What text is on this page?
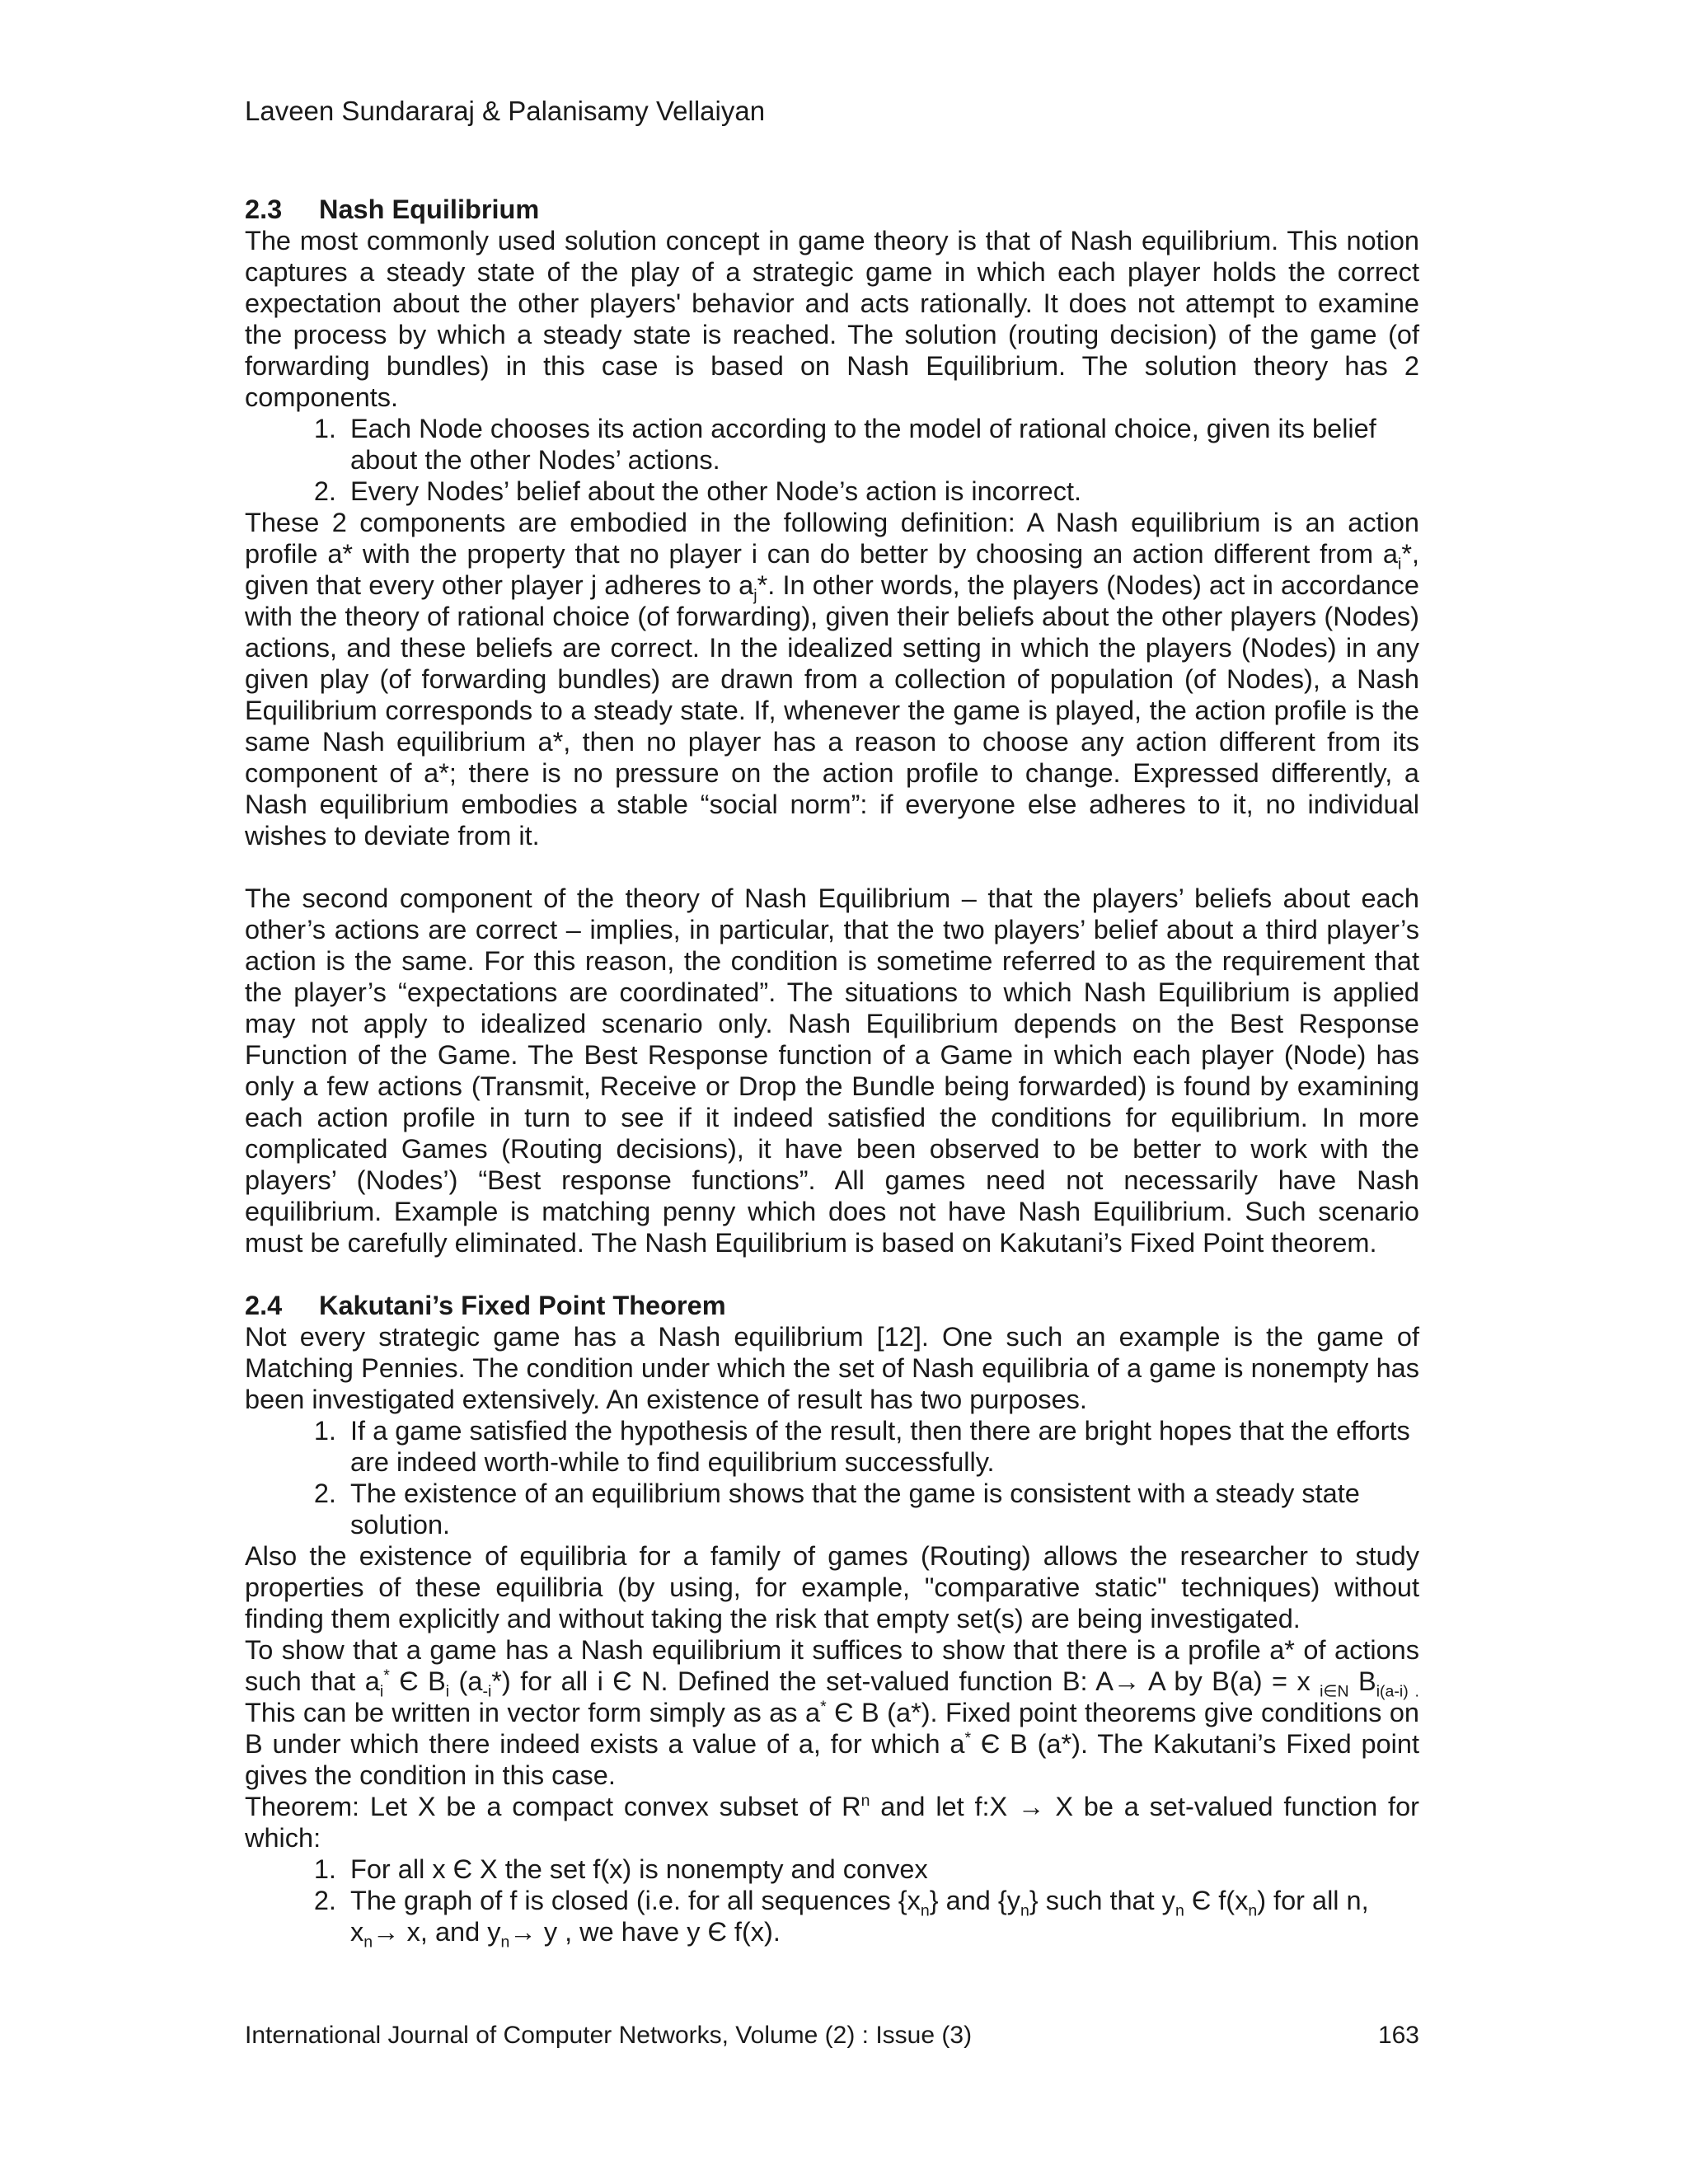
Laveen Sundararaj & Palanisamy Vellaiyan
2.3 Nash Equilibrium

The most commonly used solution concept in game theory is that of Nash equilibrium. This notion captures a steady state of the play of a strategic game in which each player holds the correct expectation about the other players' behavior and acts rationally. It does not attempt to examine the process by which a steady state is reached. The solution (routing decision) of the game (of forwarding bundles) in this case is based on Nash Equilibrium. The solution theory has 2 components.

1. Each Node chooses its action according to the model of rational choice, given its belief about the other Nodes’ actions.
2. Every Nodes’ belief about the other Node’s action is incorrect.

These 2 components are embodied in the following definition: A Nash equilibrium is an action profile a* with the property that no player i can do better by choosing an action different from $a_i*$, given that every other player j adheres to $a_j*$. In other words, the players (Nodes) act in accordance with the theory of rational choice (of forwarding), given their beliefs about the other players (Nodes) actions, and these beliefs are correct. In the idealized setting in which the players (Nodes) in any given play (of forwarding bundles) are drawn from a collection of population (of Nodes), a Nash Equilibrium corresponds to a steady state. If, whenever the game is played, the action profile is the same Nash equilibrium a*, then no player has a reason to choose any action different from its component of a*; there is no pressure on the action profile to change. Expressed differently, a Nash equilibrium embodies a stable “social norm”: if everyone else adheres to it, no individual wishes to deviate from it.

The second component of the theory of Nash Equilibrium – that the players’ beliefs about each other’s actions are correct – implies, in particular, that the two players’ belief about a third player’s action is the same. For this reason, the condition is sometime referred to as the requirement that the player’s “expectations are coordinated”. The situations to which Nash Equilibrium is applied may not apply to idealized scenario only. Nash Equilibrium depends on the Best Response Function of the Game. The Best Response function of a Game in which each player (Node) has only a few actions (Transmit, Receive or Drop the Bundle being forwarded) is found by examining each action profile in turn to see if it indeed satisfied the conditions for equilibrium. In more complicated Games (Routing decisions), it have been observed to be better to work with the players’ (Nodes’) “Best response functions”. All games need not necessarily have Nash equilibrium. Example is matching penny which does not have Nash Equilibrium. Such scenario must be carefully eliminated. The Nash Equilibrium is based on Kakutani’s Fixed Point theorem.

2.4 Kakutani’s Fixed Point Theorem

Not every strategic game has a Nash equilibrium [12]. One such an example is the game of Matching Pennies. The condition under which the set of Nash equilibria of a game is nonempty has been investigated extensively. An existence of result has two purposes.

1. If a game satisfied the hypothesis of the result, then there are bright hopes that the efforts are indeed worth-while to find equilibrium successfully.
2. The existence of an equilibrium shows that the game is consistent with a steady state solution.

Also the existence of equilibria for a family of games (Routing) allows the researcher to study properties of these equilibria (by using, for example, "comparative static" techniques) without finding them explicitly and without taking the risk that empty set(s) are being investigated.

To show that a game has a Nash equilibrium it suffices to show that there is a profile a* of actions such that $a_i^*$ Є $B_i$ $(a_{-i}*)$ for all i Є N. Defined the set-valued function B: A→ A by B(a) = x $_{i\in N}$ $B_{i(a-i) .}$ This can be written in vector form simply as as a* Є B (a*). Fixed point theorems give conditions on B under which there indeed exists a value of a, for which a* Є B (a*). The Kakutani’s Fixed point gives the condition in this case.

Theorem: Let X be a compact convex subset of $R^n$ and let f:X → X be a set-valued function for which:

1. For all x Є X the set f(x) is nonempty and convex
2. The graph of f is closed (i.e. for all sequences $\{x_n\}$ and $\{y_n\}$ such that $y_n$ Є $f(x_n)$ for all n, $x_n\to x$, and $y_n\to y$ , we have y Є f(x).
International Journal of Computer Networks, Volume (2) : Issue (3)	163
